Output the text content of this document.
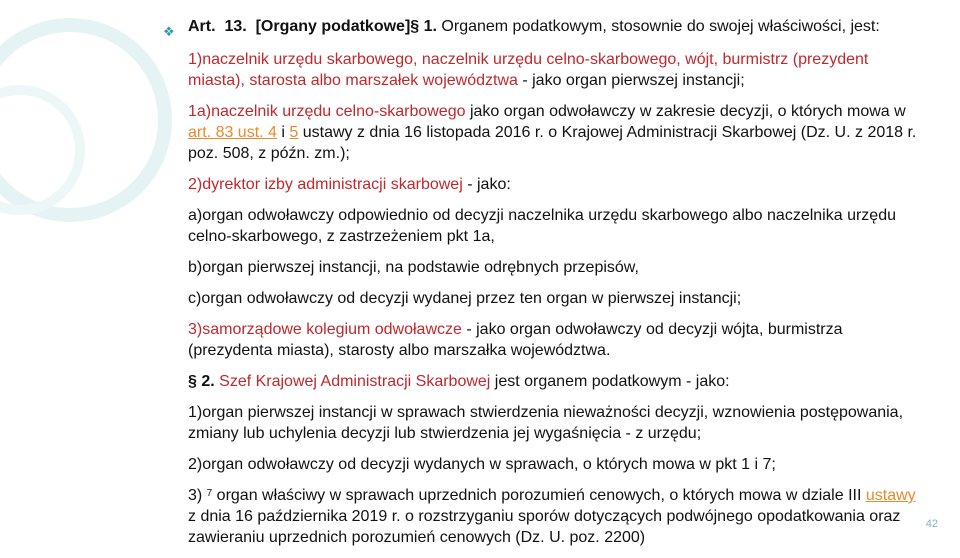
❖ Art. 13. [Organy podatkowe]§ 1. Organem podatkowym, stosownie do swojej właściwości, jest:

1)naczelnik urzędu skarbowego, naczelnik urzędu celno-skarbowego, wójt, burmistrz (prezydent miasta), starosta albo marszałek województwa - jako organ pierwszej instancji;

1a)naczelnik urzędu celno-skarbowego jako organ odwoławczy w zakresie decyzji, o których mowa w art. 83 ust. 4 i 5 ustawy z dnia 16 listopada 2016 r. o Krajowej Administracji Skarbowej (Dz. U. z 2018 r. poz. 508, z późn. zm.);

2)dyrektor izby administracji skarbowej - jako:

a)organ odwoławczy odpowiednio od decyzji naczelnika urzędu skarbowego albo naczelnika urzędu celno-skarbowego, z zastrzeżeniem pkt 1a,

b)organ pierwszej instancji, na podstawie odrębnych przepisów,

c)organ odwoławczy od decyzji wydanej przez ten organ w pierwszej instancji;

3)samorządowe kolegium odwoławcze - jako organ odwoławczy od decyzji wójta, burmistrza (prezydenta miasta), starosty albo marszałka województwa.

§ 2. Szef Krajowej Administracji Skarbowej jest organem podatkowym - jako:

1)organ pierwszej instancji w sprawach stwierdzenia nieważności decyzji, wznowienia postępowania, zmiany lub uchylenia decyzji lub stwierdzenia jej wygaśnięcia - z urzędu;

2)organ odwoławczy od decyzji wydanych w sprawach, o których mowa w pkt 1 i 7;

3) $^7$ organ właściwy w sprawach uprzednich porozumień cenowych, o których mowa w dziale III ustawy z dnia 16 października 2019 r. o rozstrzyganiu sporów dotyczących podwójnego opodatkowania oraz zawieraniu uprzednich porozumień cenowych (Dz. U. poz. 2200)

42
